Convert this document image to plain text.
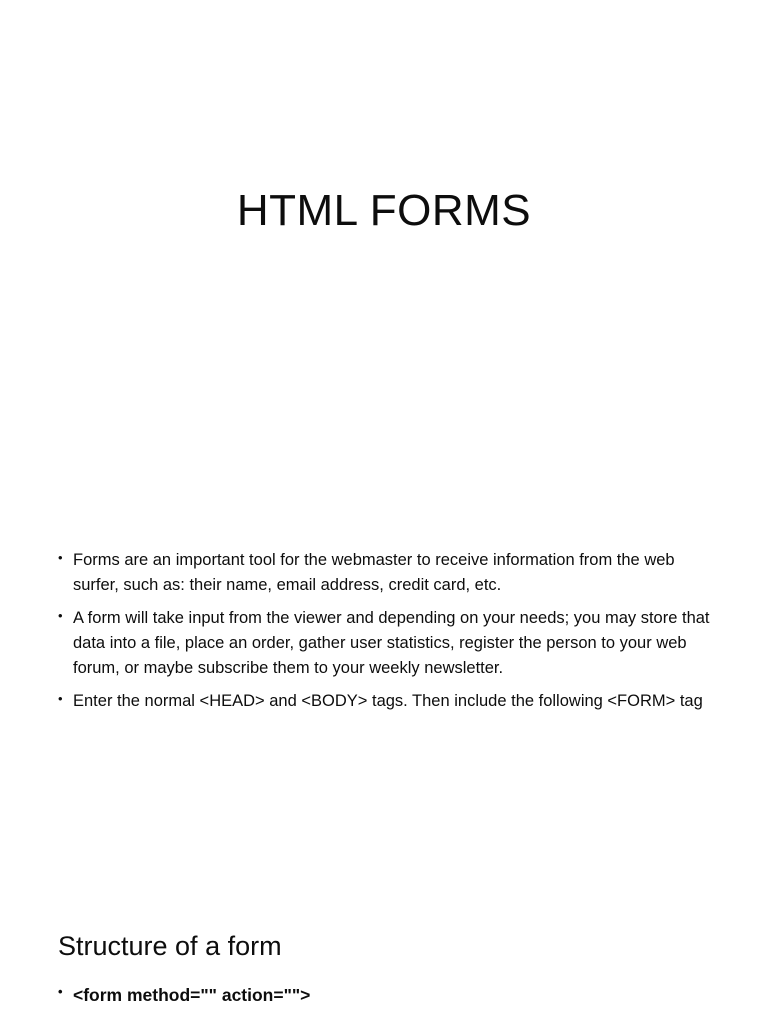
HTML FORMS
• Forms are an important tool for the webmaster to receive information from the web surfer, such as: their name, email address, credit card, etc.
• A form will take input from the viewer and depending on your needs; you may store that data into a file, place an order, gather user statistics, register the person to your web forum, or maybe subscribe them to your weekly newsletter.
• Enter the normal <HEAD> and <BODY> tags. Then include the following <FORM> tag
Structure of a form
• <form method="" action="">
